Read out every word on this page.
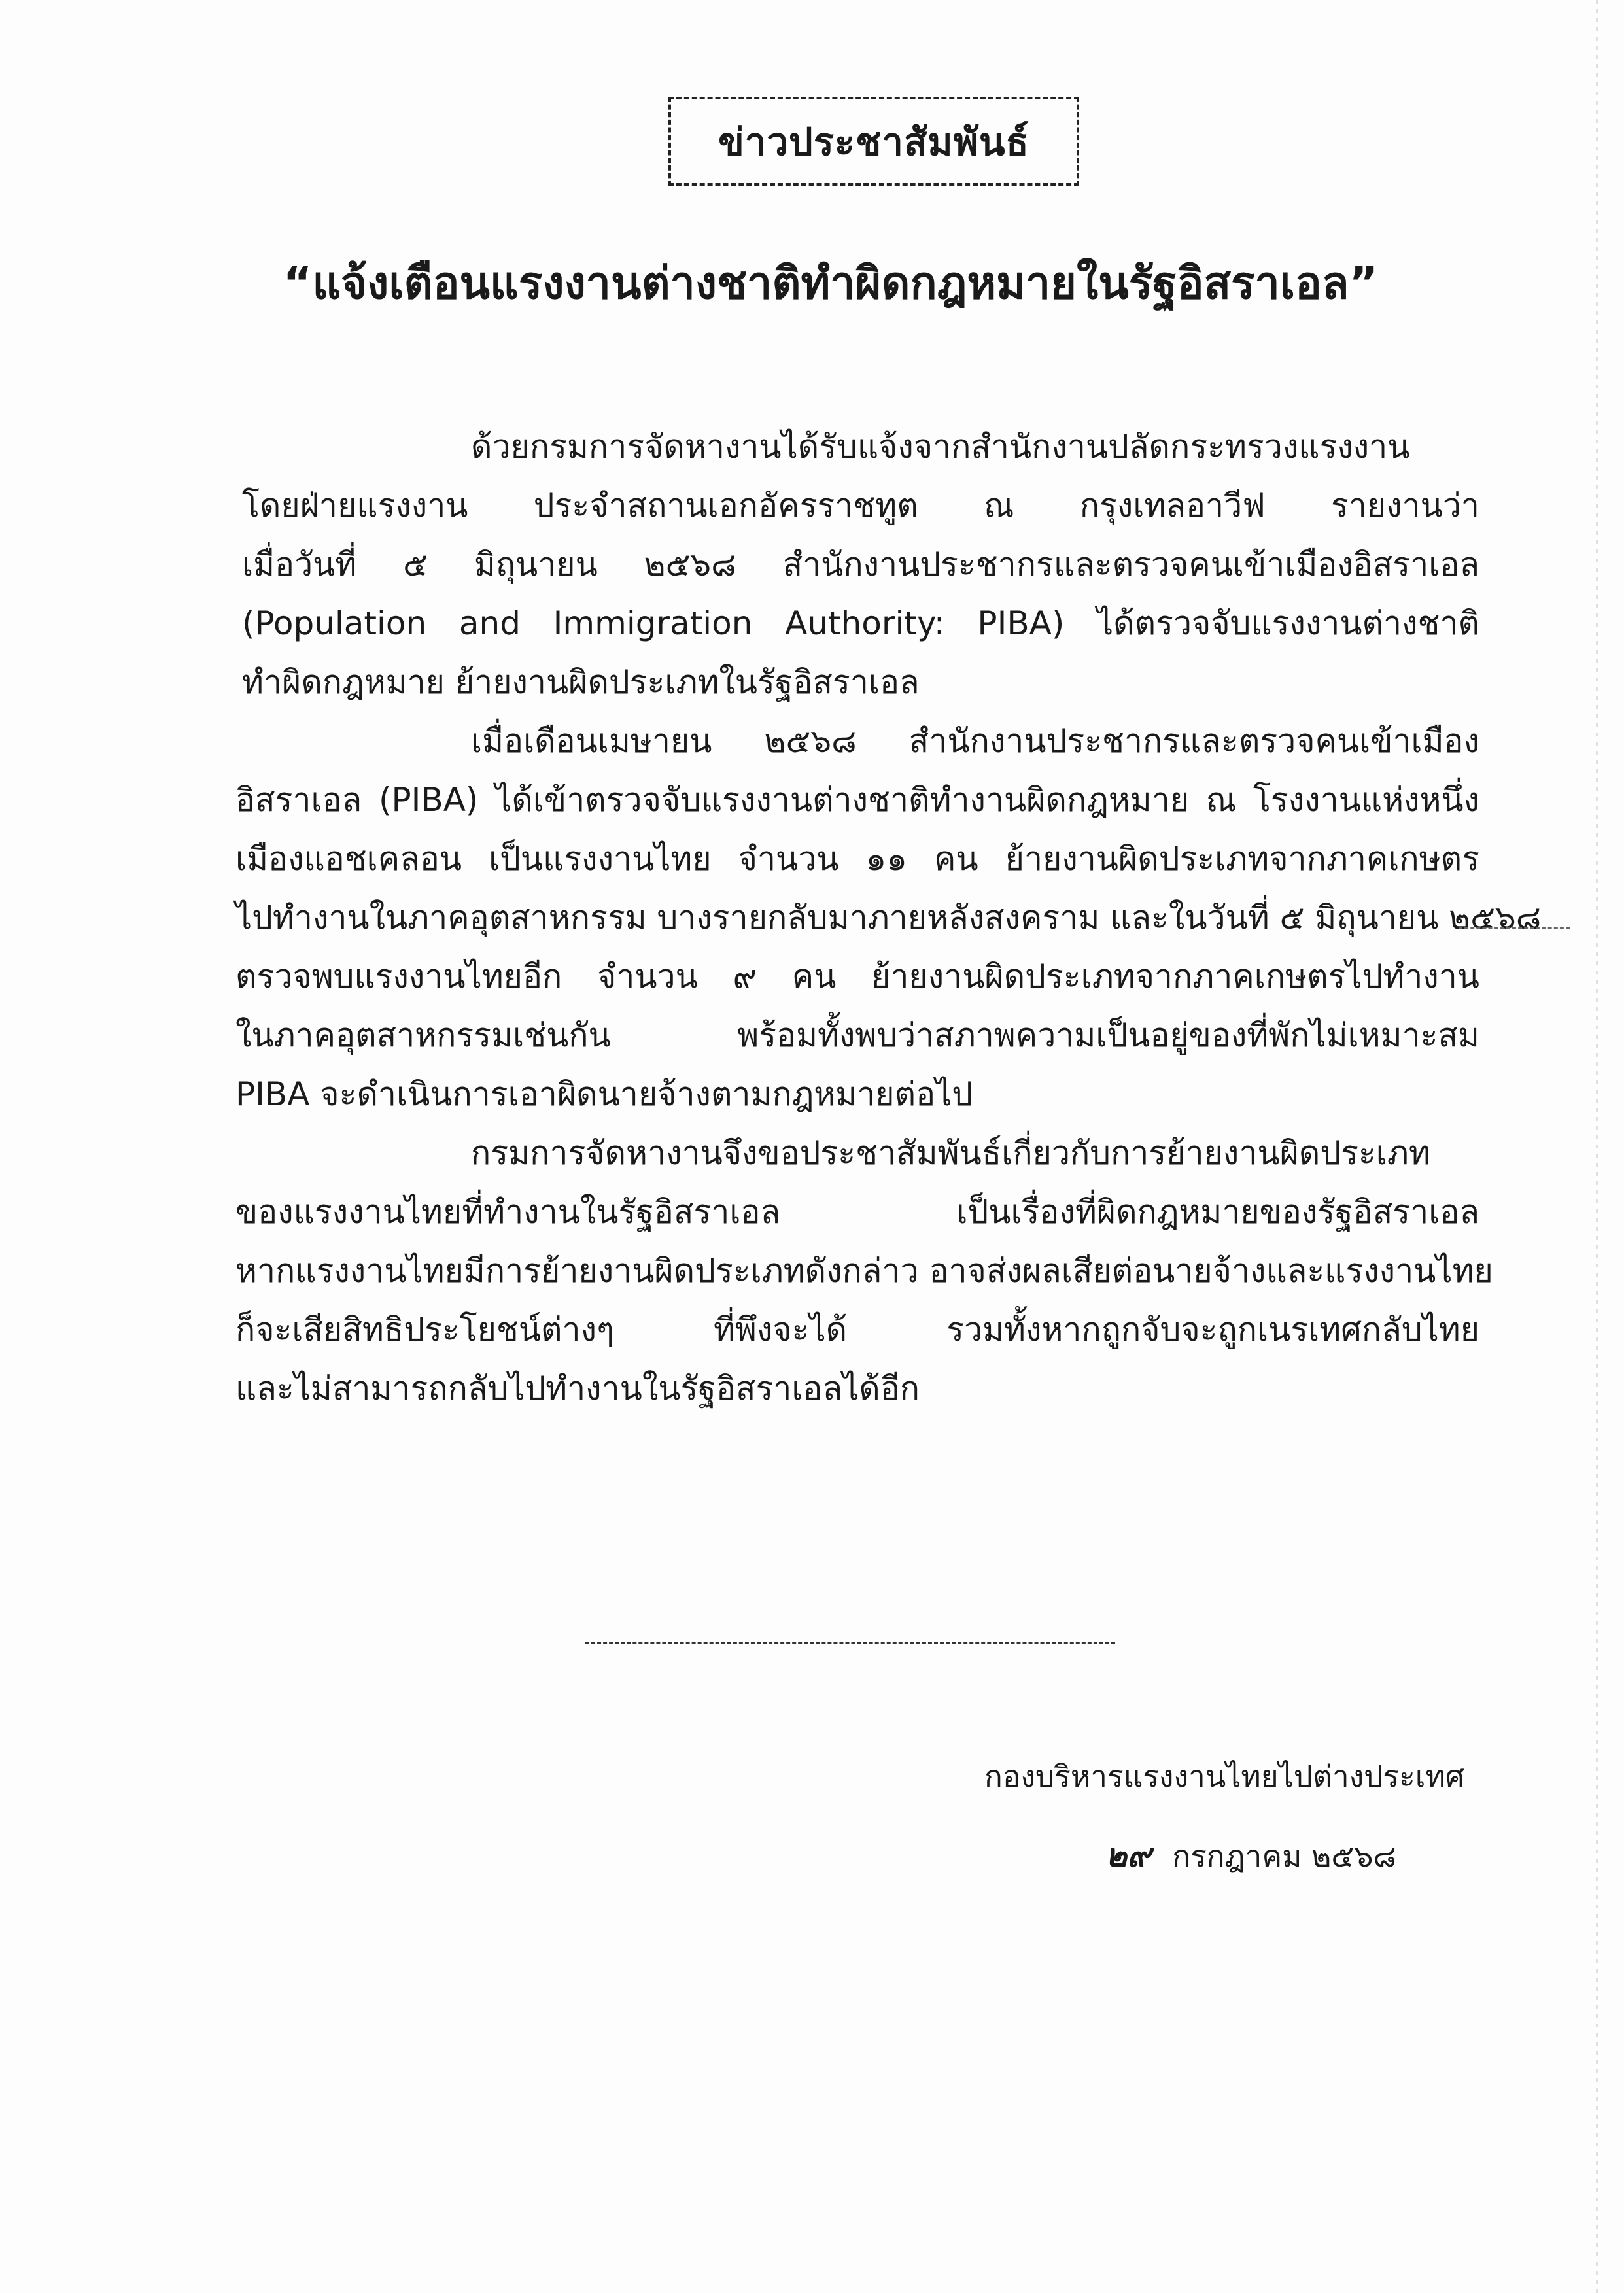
ข่าวประชาสัมพันธ์
“แจ้งเตือนแรงงานต่างชาติทำผิดกฎหมายในรัฐอิสราเอล”
ด้วยกรมการจัดหางานได้รับแจ้งจากสำนักงานปลัดกระทรวงแรงงาน
โดยฝ่ายแรงงาน ประจำสถานเอกอัครราชทูต ณ กรุงเทลอาวีฟ รายงานว่า
เมื่อวันที่ ๕ มิถุนายน ๒๕๖๘ สำนักงานประชากรและตรวจคนเข้าเมืองอิสราเอล
(Population and Immigration Authority: PIBA) ได้ตรวจจับแรงงานต่างชาติ
ทำผิดกฎหมาย ย้ายงานผิดประเภทในรัฐอิสราเอล
เมื่อเดือนเมษายน ๒๕๖๘ สำนักงานประชากรและตรวจคนเข้าเมือง
อิสราเอล (PIBA) ได้เข้าตรวจจับแรงงานต่างชาติทำงานผิดกฎหมาย ณ โรงงานแห่งหนึ่ง
เมืองแอชเคลอน เป็นแรงงานไทย จำนวน ๑๑ คน ย้ายงานผิดประเภทจากภาคเกษตร
ไปทำงานในภาคอุตสาหกรรม บางรายกลับมาภายหลังสงคราม และในวันที่ ๕ มิถุนายน ๒๕๖๘
ตรวจพบแรงงานไทยอีก จำนวน ๙ คน ย้ายงานผิดประเภทจากภาคเกษตรไปทำงาน
ในภาคอุตสาหกรรมเช่นกัน พร้อมทั้งพบว่าสภาพความเป็นอยู่ของที่พักไม่เหมาะสม
PIBA จะดำเนินการเอาผิดนายจ้างตามกฎหมายต่อไป
กรมการจัดหางานจึงขอประชาสัมพันธ์เกี่ยวกับการย้ายงานผิดประเภท
ของแรงงานไทยที่ทำงานในรัฐอิสราเอล เป็นเรื่องที่ผิดกฎหมายของรัฐอิสราเอล
หากแรงงานไทยมีการย้ายงานผิดประเภทดังกล่าว อาจส่งผลเสียต่อนายจ้างและแรงงานไทย
ก็จะเสียสิทธิประโยชน์ต่างๆ ที่พึงจะได้ รวมทั้งหากถูกจับจะถูกเนรเทศกลับไทย
และไม่สามารถกลับไปทำงานในรัฐอิสราเอลได้อีก
กองบริหารแรงงานไทยไปต่างประเทศ
๒๙ กรกฎาคม ๒๕๖๘
